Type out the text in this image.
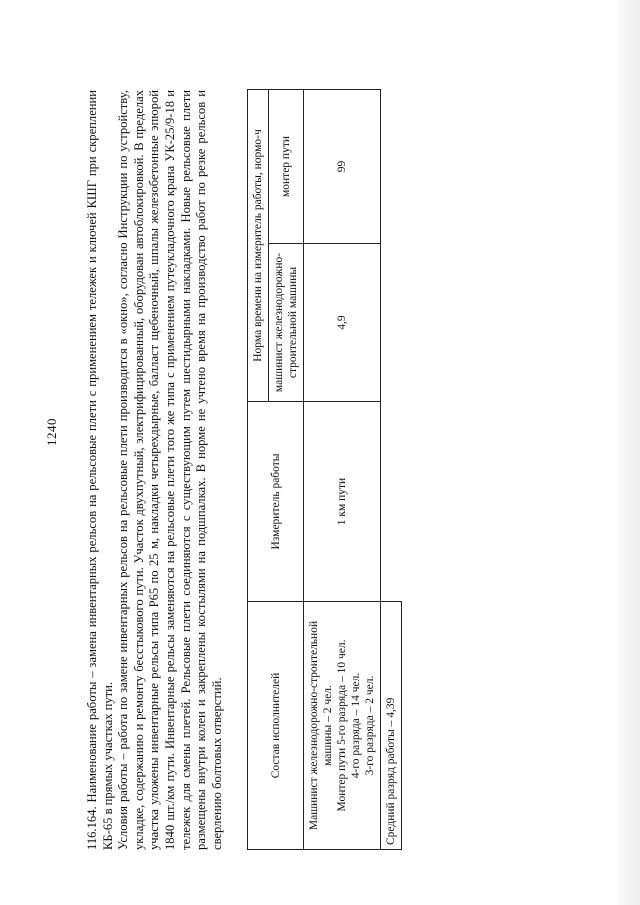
1240 116.164. Наименование работы – замена инвентарных рельсов на рельсовые плети с применением тележек и ключей КШГ при скреплении КБ-65 в прямых участках пути. Условия работы – работа по замене инвентарных рельсов на рельсовые плети производится в «окно», согласно Инструкции по устройству, укладке, содержанию и ремонту бесстыкового пути. Участок двухпутный, электрифицированный, оборудован автоблокировкой. В пределах участка уложены инвентарные рельсы типа Р65 по 25 м, накладки четырехдырные, балласт щебеночный, шпалы железобетонные эпюрой 1840 шт./км пути. Инвентарные рельсы заменяются на рельсовые плети того же типа с применением путеукладочного крана УК-25/9-18 и тележек для смены плетей. Рельсовые плети соединяются с существующим путем шестидырными накладками. Новые рельсовые плети размещены внутри колеи и закреплены костылями на подшпалках. В норме не учтено время на производство работ по резке рельсов и сверлению болтовых отверстий.	Состав исполнителей	Измеритель работы	Норма времени на измеритель работы, нормо-ч	
		машинист железнодорожно-строительной машины	монтер пути

Машинист железнодорожно-строительной машины – 2 чел. Монтер пути 5-го разряда – 10 чел. 4-го разряда – 14 чел. 3-го разряда – 2 чел.	1 км пути	4,9	99
Средний разряд работы – 4,39			
